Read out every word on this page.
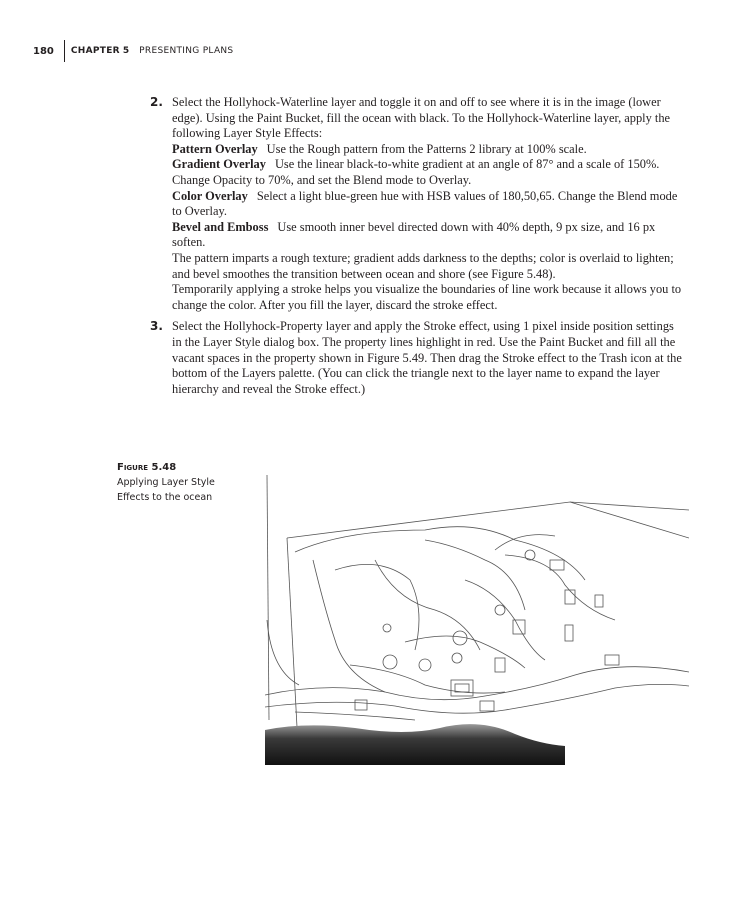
180 CHAPTER 5 PRESENTING PLANS
2. Select the Hollyhock-Waterline layer and toggle it on and off to see where it is in the image (lower edge). Using the Paint Bucket, fill the ocean with black. To the Hollyhock-Waterline layer, apply the following Layer Style Effects:

Pattern Overlay Use the Rough pattern from the Patterns 2 library at 100% scale.

Gradient Overlay Use the linear black-to-white gradient at an angle of 87° and a scale of 150%. Change Opacity to 70%, and set the Blend mode to Overlay.

Color Overlay Select a light blue-green hue with HSB values of 180,50,65. Change the Blend mode to Overlay.

Bevel and Emboss Use smooth inner bevel directed down with 40% depth, 9 px size, and 16 px soften.

The pattern imparts a rough texture; gradient adds darkness to the depths; color is overlaid to lighten; and bevel smoothes the transition between ocean and shore (see Figure 5.48).

Temporarily applying a stroke helps you visualize the boundaries of line work because it allows you to change the color. After you fill the layer, discard the stroke effect.

3. Select the Hollyhock-Property layer and apply the Stroke effect, using 1 pixel inside position settings in the Layer Style dialog box. The property lines highlight in red. Use the Paint Bucket and fill all the vacant spaces in the property shown in Figure 5.49. Then drag the Stroke effect to the Trash icon at the bottom of the Layers palette. (You can click the triangle next to the layer name to expand the layer hierarchy and reveal the Stroke effect.)

Figure 5.48
Applying Layer Style Effects to the ocean
